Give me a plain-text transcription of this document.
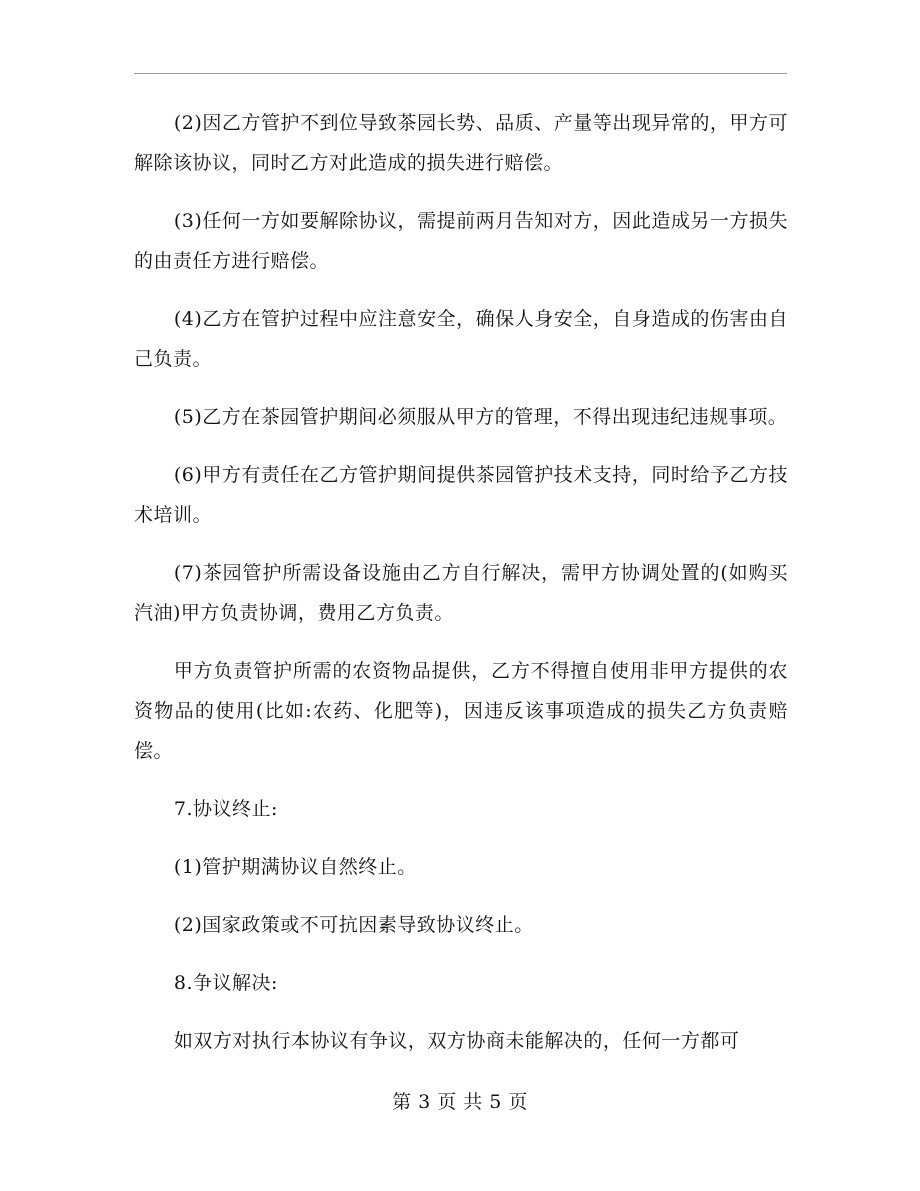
(2)因乙方管护不到位导致茶园长势、品质、产量等出现异常的，甲方可解除该协议，同时乙方对此造成的损失进行赔偿。

(3)任何一方如要解除协议，需提前两月告知对方，因此造成另一方损失的由责任方进行赔偿。

(4)乙方在管护过程中应注意安全，确保人身安全，自身造成的伤害由自己负责。

(5)乙方在茶园管护期间必须服从甲方的管理，不得出现违纪违规事项。

(6)甲方有责任在乙方管护期间提供茶园管护技术支持，同时给予乙方技术培训。

(7)茶园管护所需设备设施由乙方自行解决，需甲方协调处置的(如购买汽油)甲方负责协调，费用乙方负责。

甲方负责管护所需的农资物品提供，乙方不得擅自使用非甲方提供的农资物品的使用(比如:农药、化肥等)，因违反该事项造成的损失乙方负责赔偿。

7.协议终止:

(1)管护期满协议自然终止。

(2)国家政策或不可抗因素导致协议终止。

8.争议解决:

如双方对执行本协议有争议，双方协商未能解决的，任何一方都可

第 3 页 共 5 页
